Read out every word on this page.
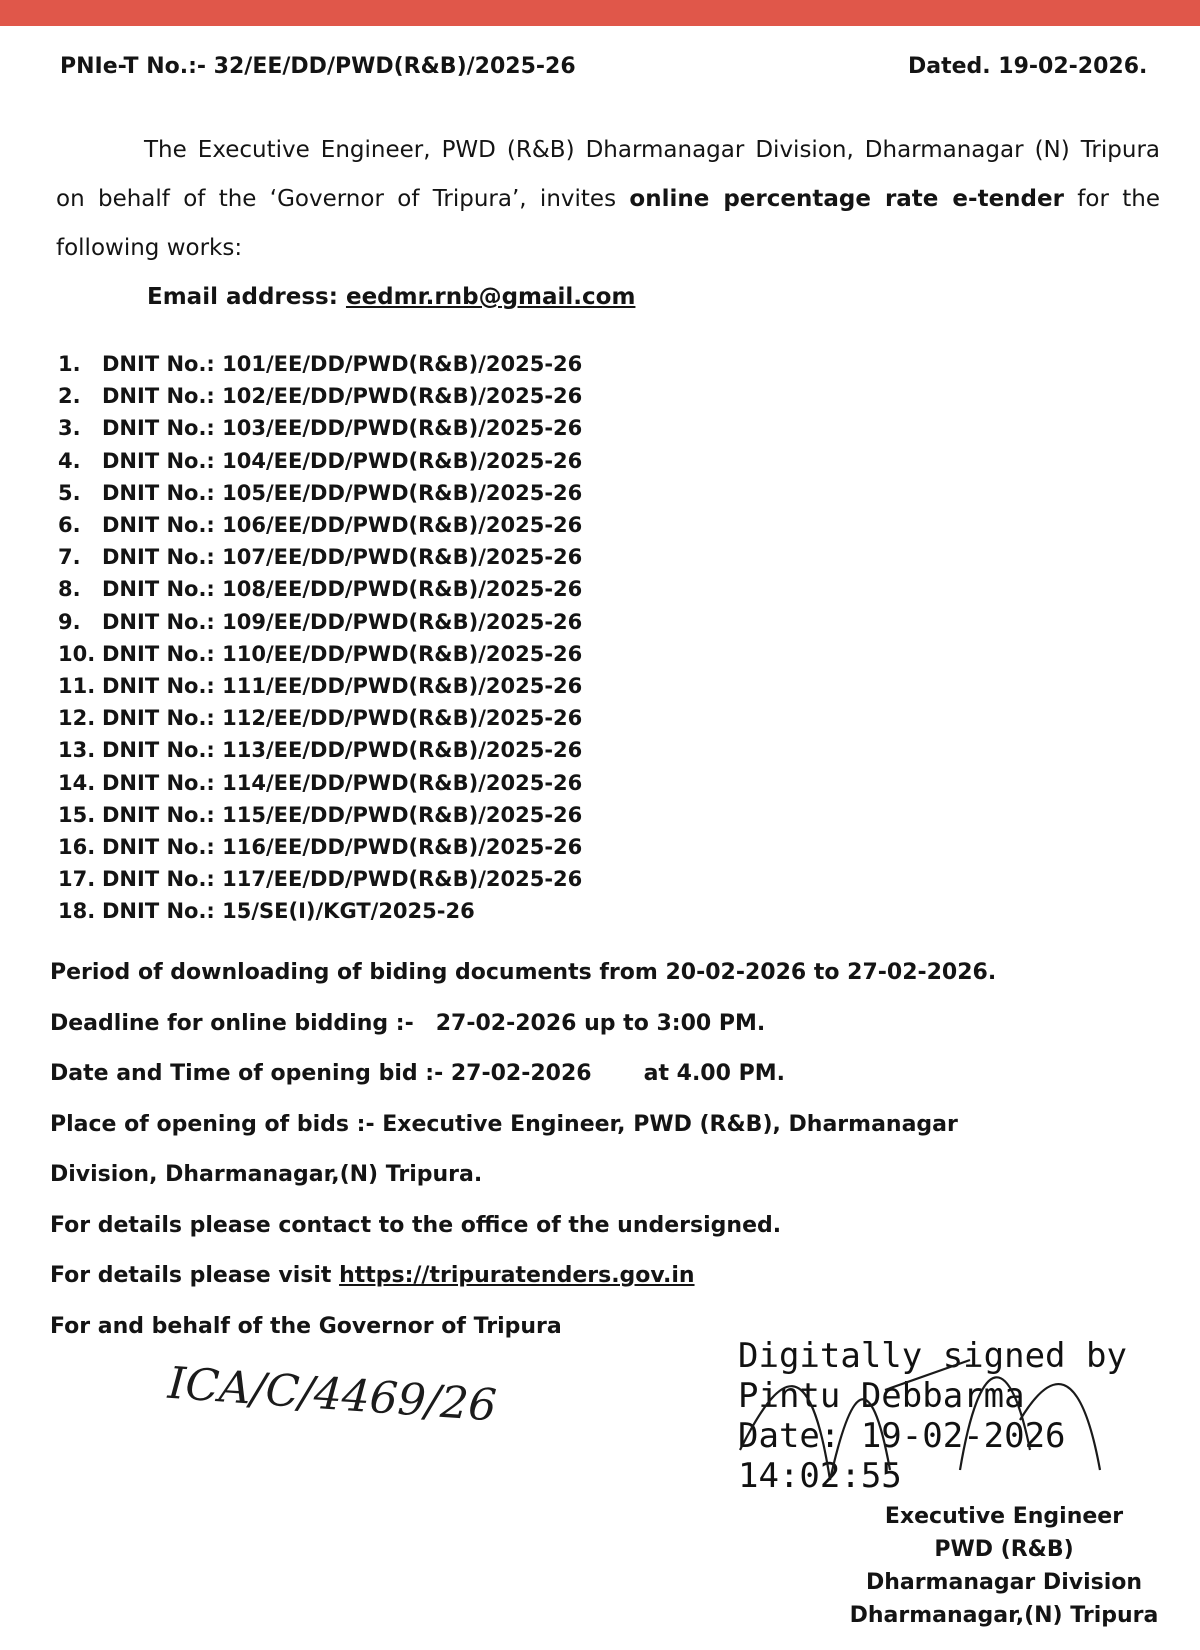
PNIe-T No.:- 32/EE/DD/PWD(R&B)/2025-26	Dated. 19-02-2026.
The Executive Engineer, PWD (R&B) Dharmanagar Division, Dharmanagar (N) Tripura on behalf of the ‘Governor of Tripura’, invites online percentage rate e-tender for the following works:
Email address: eedmr.rnb@gmail.com
1. DNIT No.: 101/EE/DD/PWD(R&B)/2025-26
2. DNIT No.: 102/EE/DD/PWD(R&B)/2025-26
3. DNIT No.: 103/EE/DD/PWD(R&B)/2025-26
4. DNIT No.: 104/EE/DD/PWD(R&B)/2025-26
5. DNIT No.: 105/EE/DD/PWD(R&B)/2025-26
6. DNIT No.: 106/EE/DD/PWD(R&B)/2025-26
7. DNIT No.: 107/EE/DD/PWD(R&B)/2025-26
8. DNIT No.: 108/EE/DD/PWD(R&B)/2025-26
9. DNIT No.: 109/EE/DD/PWD(R&B)/2025-26
10. DNIT No.: 110/EE/DD/PWD(R&B)/2025-26
11. DNIT No.: 111/EE/DD/PWD(R&B)/2025-26
12. DNIT No.: 112/EE/DD/PWD(R&B)/2025-26
13. DNIT No.: 113/EE/DD/PWD(R&B)/2025-26
14. DNIT No.: 114/EE/DD/PWD(R&B)/2025-26
15. DNIT No.: 115/EE/DD/PWD(R&B)/2025-26
16. DNIT No.: 116/EE/DD/PWD(R&B)/2025-26
17. DNIT No.: 117/EE/DD/PWD(R&B)/2025-26
18. DNIT No.: 15/SE(I)/KGT/2025-26

Period of downloading of biding documents from 20-02-2026 to 27-02-2026.

Deadline for online bidding :- 27-02-2026 up to 3:00 PM.

Date and Time of opening bid :- 27-02-2026 at 4.00 PM.

Place of opening of bids :- Executive Engineer, PWD (R&B), Dharmanagar

Division, Dharmanagar,(N) Tripura.

For details please contact to the office of the undersigned.

For details please visit https://tripuratenders.gov.in

For and behalf of the Governor of Tripura

ICA/C/4469/26
Digitally signed by
Pintu Debbarma
Date: 19-02-2026
14:02:55

Executive Engineer

PWD (R&B)

Dharmanagar Division

Dharmanagar,(N) Tripura
